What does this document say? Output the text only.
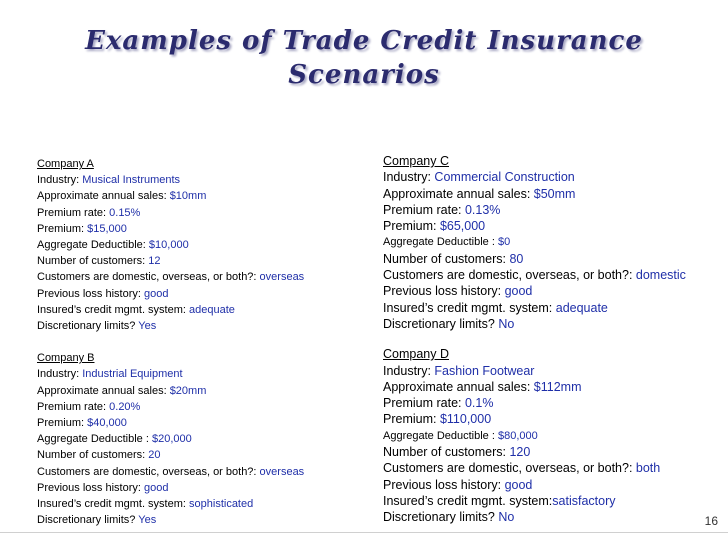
Examples of Trade Credit Insurance Scenarios
Company A
Industry: Musical Instruments
Approximate annual sales: $10mm
Premium rate: 0.15%
Premium: $15,000
Aggregate Deductible: $10,000
Number of customers: 12
Customers are domestic, overseas, or both?: overseas
Previous loss history: good
Insured’s credit mgmt. system: adequate
Discretionary limits? Yes
Company B
Industry: Industrial Equipment
Approximate annual sales: $20mm
Premium rate: 0.20%
Premium: $40,000
Aggregate Deductible : $20,000
Number of customers: 20
Customers are domestic, overseas, or both?: overseas
Previous loss history: good
Insured’s credit mgmt. system: sophisticated
Discretionary limits? Yes
Company C
Industry: Commercial Construction
Approximate annual sales: $50mm
Premium rate: 0.13%
Premium: $65,000
Aggregate Deductible : $0
Number of customers: 80
Customers are domestic, overseas, or both?: domestic
Previous loss history: good
Insured’s credit mgmt. system: adequate
Discretionary limits? No
Company D
Industry: Fashion Footwear
Approximate annual sales: $112mm
Premium rate: 0.1%
Premium: $110,000
Aggregate Deductible : $80,000
Number of customers: 120
Customers are domestic, overseas, or both?: both
Previous loss history: good
Insured’s credit mgmt. system:satisfactory
Discretionary limits? No	16
